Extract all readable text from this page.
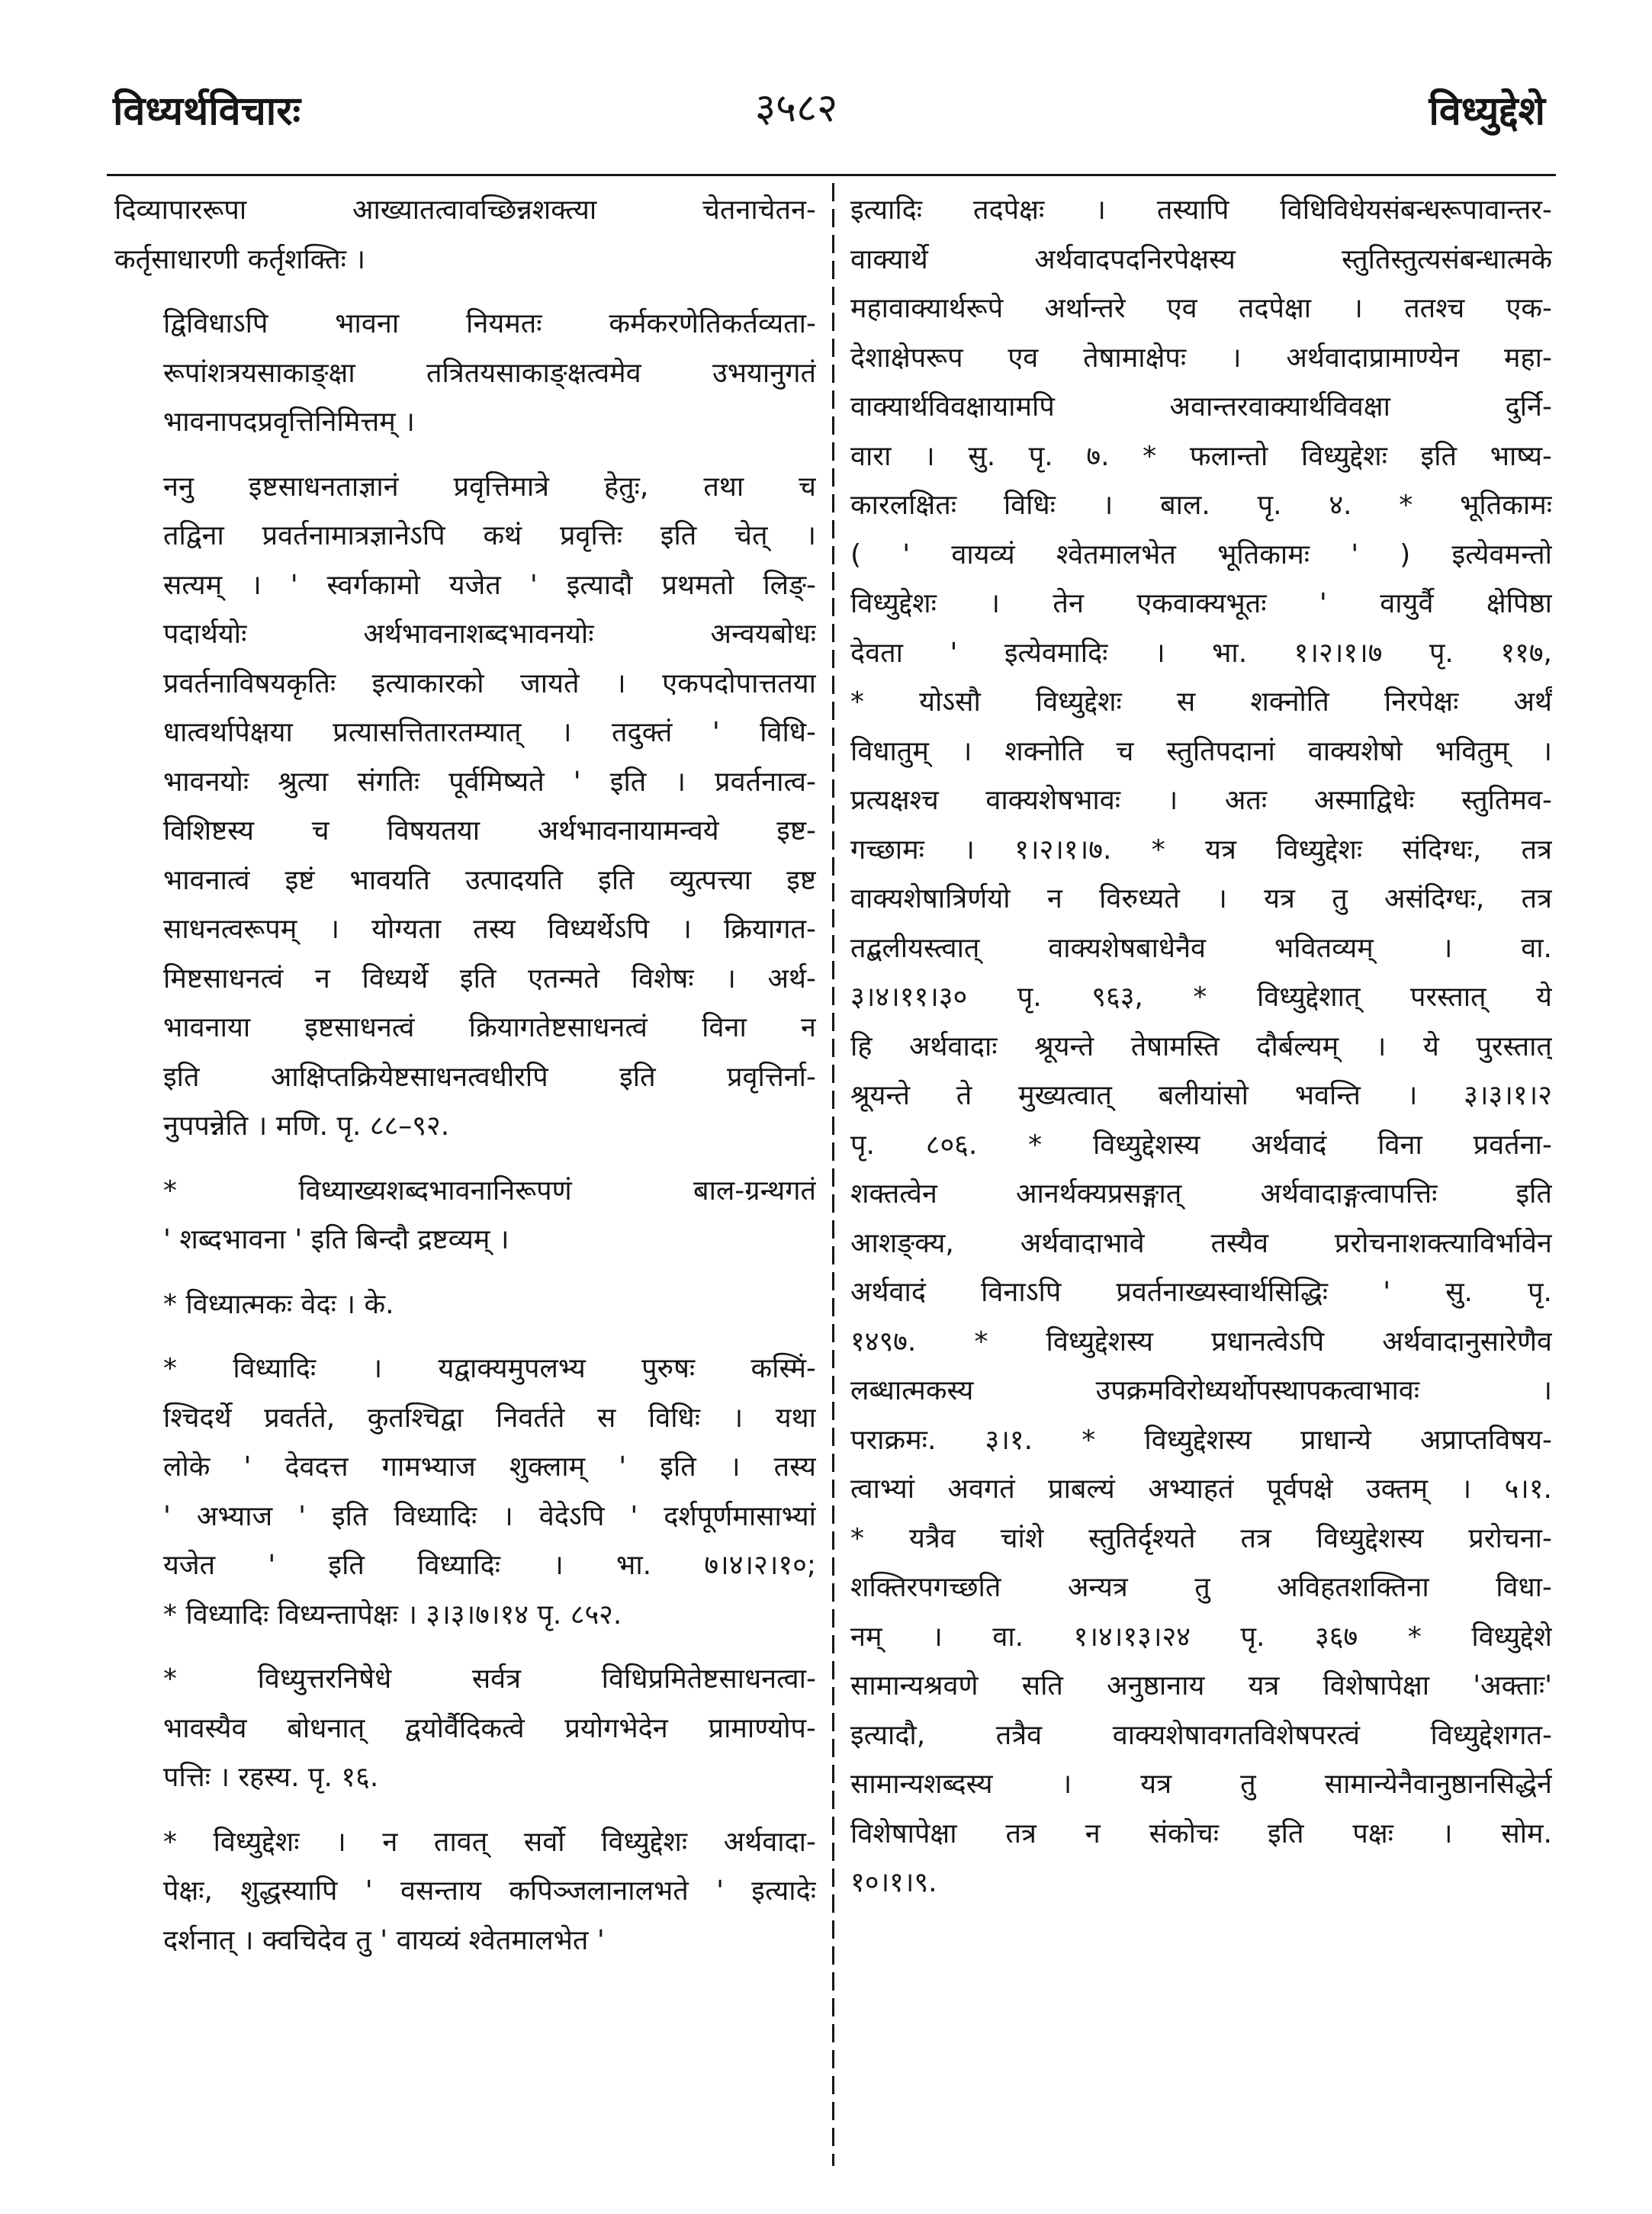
विध्यर्थविचारः	३५८२	विध्युद्देशे
दिव्यापाररूपा आख्यातत्वावच्छिन्नशक्त्या चेतनाचेतन-
कर्तृसाधारणी कर्तृशक्तिः ।
द्विविधाऽपि भावना नियमतः कर्मकरणेतिकर्तव्यता-
रूपांशत्रयसाकाङ्क्षा तत्रितयसाकाङ्क्षत्वमेव उभयानुगतं
भावनापदप्रवृत्तिनिमित्तम् ।
ननु इष्टसाधनताज्ञानं प्रवृत्तिमात्रे हेतुः, तथा च
तद्विना प्रवर्तनामात्रज्ञानेऽपि कथं प्रवृत्तिः इति चेत् ।
सत्यम् । ' स्वर्गकामो यजेत ' इत्यादौ प्रथमतो लिङ्-
पदार्थयोः अर्थभावनाशब्दभावनयोः अन्वयबोधः
प्रवर्तनाविषयकृतिः इत्याकारको जायते । एकपदोपात्ततया
धात्वर्थापेक्षया प्रत्यासत्तितारतम्यात् । तदुक्तं ' विधि-
भावनयोः श्रुत्या संगतिः पूर्वमिष्यते ' इति । प्रवर्तनात्व-
विशिष्टस्य च विषयतया अर्थभावनायामन्वये इष्ट-
भावनात्वं इष्टं भावयति उत्पादयति इति व्युत्पत्त्या इष्ट
साधनत्वरूपम् । योग्यता तस्य विध्यर्थेऽपि । क्रियागत-
मिष्टसाधनत्वं न विध्यर्थे इति एतन्मते विशेषः । अर्थ-
भावनाया इष्टसाधनत्वं क्रियागतेष्टसाधनत्वं विना न
इति आक्षिप्तक्रियेष्टसाधनत्वधीरपि इति प्रवृत्तिर्ना-
नुपपन्नेति । मणि. पृ. ८८–९२.
* विध्याख्यशब्दभावनानिरूपणं बाल-ग्रन्थगतं
' शब्दभावना ' इति बिन्दौ द्रष्टव्यम् ।
* विध्यात्मकः वेदः । के.
* विध्यादिः । यद्वाक्यमुपलभ्य पुरुषः कस्मिं-
श्चिदर्थे प्रवर्तते, कुतश्चिद्वा निवर्तते स विधिः । यथा
लोके ' देवदत्त गामभ्याज शुक्लाम् ' इति । तस्य
' अभ्याज ' इति विध्यादिः । वेदेऽपि ' दर्शपूर्णमासाभ्यां
यजेत ' इति विध्यादिः । भा. ७।४।२।१०;
* विध्यादिः विध्यन्तापेक्षः । ३।३।७।१४ पृ. ८५२.
* विध्युत्तरनिषेधे सर्वत्र विधिप्रमितेष्टसाधनत्वा-
भावस्यैव बोधनात् द्वयोर्वैदिकत्वे प्रयोगभेदेन प्रामाण्योप-
पत्तिः । रहस्य. पृ. १६.
* विध्युद्देशः । न तावत् सर्वो विध्युद्देशः अर्थवादा-
पेक्षः, शुद्धस्यापि ' वसन्ताय कपिञ्जलानालभते ' इत्यादेः
दर्शनात् । क्वचिदेव तु ' वायव्यं श्वेतमालभेत '
इत्यादिः तदपेक्षः । तस्यापि विधिविधेयसंबन्धरूपावान्तर-
वाक्यार्थे अर्थवादपदनिरपेक्षस्य स्तुतिस्तुत्यसंबन्धात्मके
महावाक्यार्थरूपे अर्थान्तरे एव तदपेक्षा । ततश्च एक-
देशाक्षेपरूप एव तेषामाक्षेपः । अर्थवादाप्रामाण्येन महा-
वाक्यार्थविवक्षायामपि अवान्तरवाक्यार्थविवक्षा दुर्नि-
वारा । सु. पृ. ७. * फलान्तो विध्युद्देशः इति भाष्य-
कारलक्षितः विधिः । बाल. पृ. ४. * भूतिकामः
( ' वायव्यं श्वेतमालभेत भूतिकामः ' ) इत्येवमन्तो
विध्युद्देशः । तेन एकवाक्यभूतः ' वायुर्वै क्षेपिष्ठा
देवता ' इत्येवमादिः । भा. १।२।१।७ पृ. ११७,
* योऽसौ विध्युद्देशः स शक्नोति निरपेक्षः अर्थं
विधातुम् । शक्नोति च स्तुतिपदानां वाक्यशेषो भवितुम् ।
प्रत्यक्षश्च वाक्यशेषभावः । अतः अस्माद्विधेः स्तुतिमव-
गच्छामः । १।२।१।७. * यत्र विध्युद्देशः संदिग्धः, तत्र
वाक्यशेषात्रिर्णयो न विरुध्यते । यत्र तु असंदिग्धः, तत्र
तद्बलीयस्त्वात् वाक्यशेषबाधेनैव भवितव्यम् । वा.
३।४।११।३० पृ. ९६३, * विध्युद्देशात् परस्तात् ये
हि अर्थवादाः श्रूयन्ते तेषामस्ति दौर्बल्यम् । ये पुरस्तात्
श्रूयन्ते ते मुख्यत्वात् बलीयांसो भवन्ति । ३।३।१।२
पृ. ८०६. * विध्युद्देशस्य अर्थवादं विना प्रवर्तना-
शक्तत्वेन आनर्थक्यप्रसङ्गात् अर्थवादाङ्गत्वापत्तिः इति
आशङ्क्य, अर्थवादाभावे तस्यैव प्ररोचनाशक्त्याविर्भावेन
अर्थवादं विनाऽपि प्रवर्तनाख्यस्वार्थसिद्धिः ' सु. पृ.
१४९७. * विध्युद्देशस्य प्रधानत्वेऽपि अर्थवादानुसारेणैव
लब्धात्मकस्य उपक्रमविरोध्यर्थोपस्थापकत्वाभावः ।
पराक्रमः. ३।१. * विध्युद्देशस्य प्राधान्ये अप्राप्तविषय-
त्वाभ्यां अवगतं प्राबल्यं अभ्याहतं पूर्वपक्षे उक्तम् । ५।१.
* यत्रैव चांशे स्तुतिर्दृश्यते तत्र विध्युद्देशस्य प्ररोचना-
शक्तिरपगच्छति अन्यत्र तु अविहतशक्तिना विधा-
नम् । वा. १।४।१३।२४ पृ. ३६७ * विध्युद्देशे
सामान्यश्रवणे सति अनुष्ठानाय यत्र विशेषापेक्षा 'अक्ताः'
इत्यादौ, तत्रैव वाक्यशेषावगतविशेषपरत्वं विध्युद्देशगत-
सामान्यशब्दस्य । यत्र तु सामान्येनैवानुष्ठानसिद्धेर्न
विशेषापेक्षा तत्र न संकोचः इति पक्षः । सोम.
१०।१।९.
